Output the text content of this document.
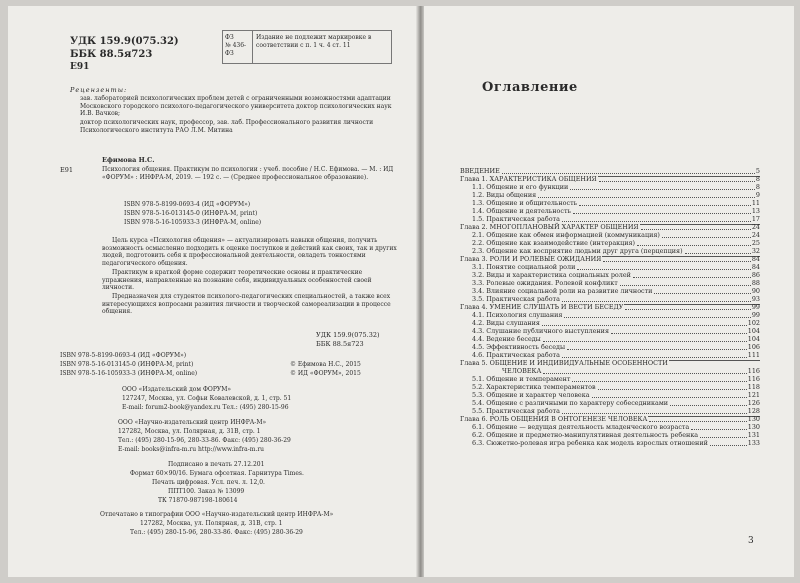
УДК 159.9(075.32)
ББК 88.5я723
Е91
ФЗ
№ 436-ФЗ
Издание не подлежит маркировке в соответствии с п. 1 ч. 4 ст. 11
Рецензенты:
зав. лабораторией психологических проблем детей с ограниченными возможностями адаптации Московского городского психолого-педагогического университета доктор психологических наук И.В. Вачков;
доктор психологических наук, профессор, зав. лаб. Профессионального развития личности Психологического института РАО Л.М. Митина
Ефимова Н.С.
Е91	Психология общения. Практикум по психологии : учеб. пособие / Н.С. Ефимова. — М. : ИД «ФОРУМ» : ИНФРА-М, 2019. — 192 с. — (Среднее профессиональное образование).
ISBN 978-5-8199-0693-4 (ИД «ФОРУМ»)
ISBN 978-5-16-013145-0 (ИНФРА-М, print)
ISBN 978-5-16-105933-3 (ИНФРА-М, online)
Цель курса «Психология общения» — актуализировать навыки общения, получить возможность осмысленно подходить к оценке поступков и действий как своих, так и других людей, подготовить себя к профессиональной деятельности, овладеть тонкостями педагогического общения.
Практикум в краткой форме содержит теоретические основы и практические упражнения, направленные на познание себя, индивидуальных особенностей своей личности.
Предназначен для студентов психолого-педагогических специальностей, а также всех интересующихся вопросами развития личности и творческой самореализации в процессе общения.
УДК 159.9(075.32)
ББК 88.5я723
ISBN 978-5-8199-0693-4 (ИД «ФОРУМ»)
ISBN 978-5-16-013145-0 (ИНФРА-М, print)
ISBN 978-5-16-105933-3 (ИНФРА-М, online)
© Ефимова Н.С., 2015
© ИД «ФОРУМ», 2015
ООО «Издательский дом ФОРУМ»
127247, Москва, ул. Софьи Ковалевской, д. 1, стр. 51
E-mail: forum2-book@yandex.ru Тел.: (495) 280-15-96
ООО «Научно-издательский центр ИНФРА-М»
127282, Москва, ул. Полярная, д. 31В, стр. 1
Тел.: (495) 280-15-96, 280-33-86. Факс: (495) 280-36-29
E-mail: books@infra-m.ru http://www.infra-m.ru
Подписано в печать 27.12.201
Формат 60×90/16. Бумага офсетная. Гарнитура Times.
Печать цифровая. Усл. печ. л. 12,0.
ППТ100. Заказ № 13099
ТК 71870-987198-180614
Отпечатано в типографии ООО «Научно-издательский центр ИНФРА-М»
127282, Москва, ул. Полярная, д. 31В, стр. 1
Тел.: (495) 280-15-96, 280-33-86. Факс: (495) 280-36-29
Оглавление
ВВЕДЕНИЕ	5
Глава 1. ХАРАКТЕРИСТИКА ОБЩЕНИЯ	8
1.1. Общение и его функции	8
1.2. Виды общения	9
1.3. Общение и общительность	11
1.4. Общение и деятельность	13
1.5. Практическая работа	17
Глава 2. МНОГОПЛАНОВЫЙ ХАРАКТЕР ОБЩЕНИЯ	24
2.1. Общение как обмен информацией (коммуникация)	24
2.2. Общение как взаимодействие (интеракция)	25
2.3. Общение как восприятие людьми друг друга (перцепция)	32
Глава 3. РОЛИ И РОЛЕВЫЕ ОЖИДАНИЯ	84
3.1. Понятие социальной роли	84
3.2. Виды и характеристика социальных ролей	86
3.3. Ролевые ожидания. Ролевой конфликт	88
3.4. Влияние социальной роли на развитие личности	90
3.5. Практическая работа	93
Глава 4. УМЕНИЕ СЛУШАТЬ И ВЕСТИ БЕСЕДУ	99
4.1. Психология слушания	99
4.2. Виды слушания	102
4.3. Слушание публичного выступления	104
4.4. Ведение беседы	104
4.5. Эффективность беседы	106
4.6. Практическая работа	111
Глава 5. ОБЩЕНИЕ И ИНДИВИДУАЛЬНЫЕ ОСОБЕННОСТИ
ЧЕЛОВЕКА	116
5.1. Общение и темперамент	116
5.2. Характеристика темпераментов	118
5.3. Общение и характер человека	121
5.4. Общение с различными по характеру собеседниками	126
5.5. Практическая работа	128
Глава 6. РОЛЬ ОБЩЕНИЯ В ОНТОГЕНЕЗЕ ЧЕЛОВЕКА	130
6.1. Общение — ведущая деятельность младенческого возраста	130
6.2. Общение и предметно-манипулятивная деятельность ребенка	131
6.3. Сюжетно-ролевая игра ребенка как модель взрослых отношений	133
3
